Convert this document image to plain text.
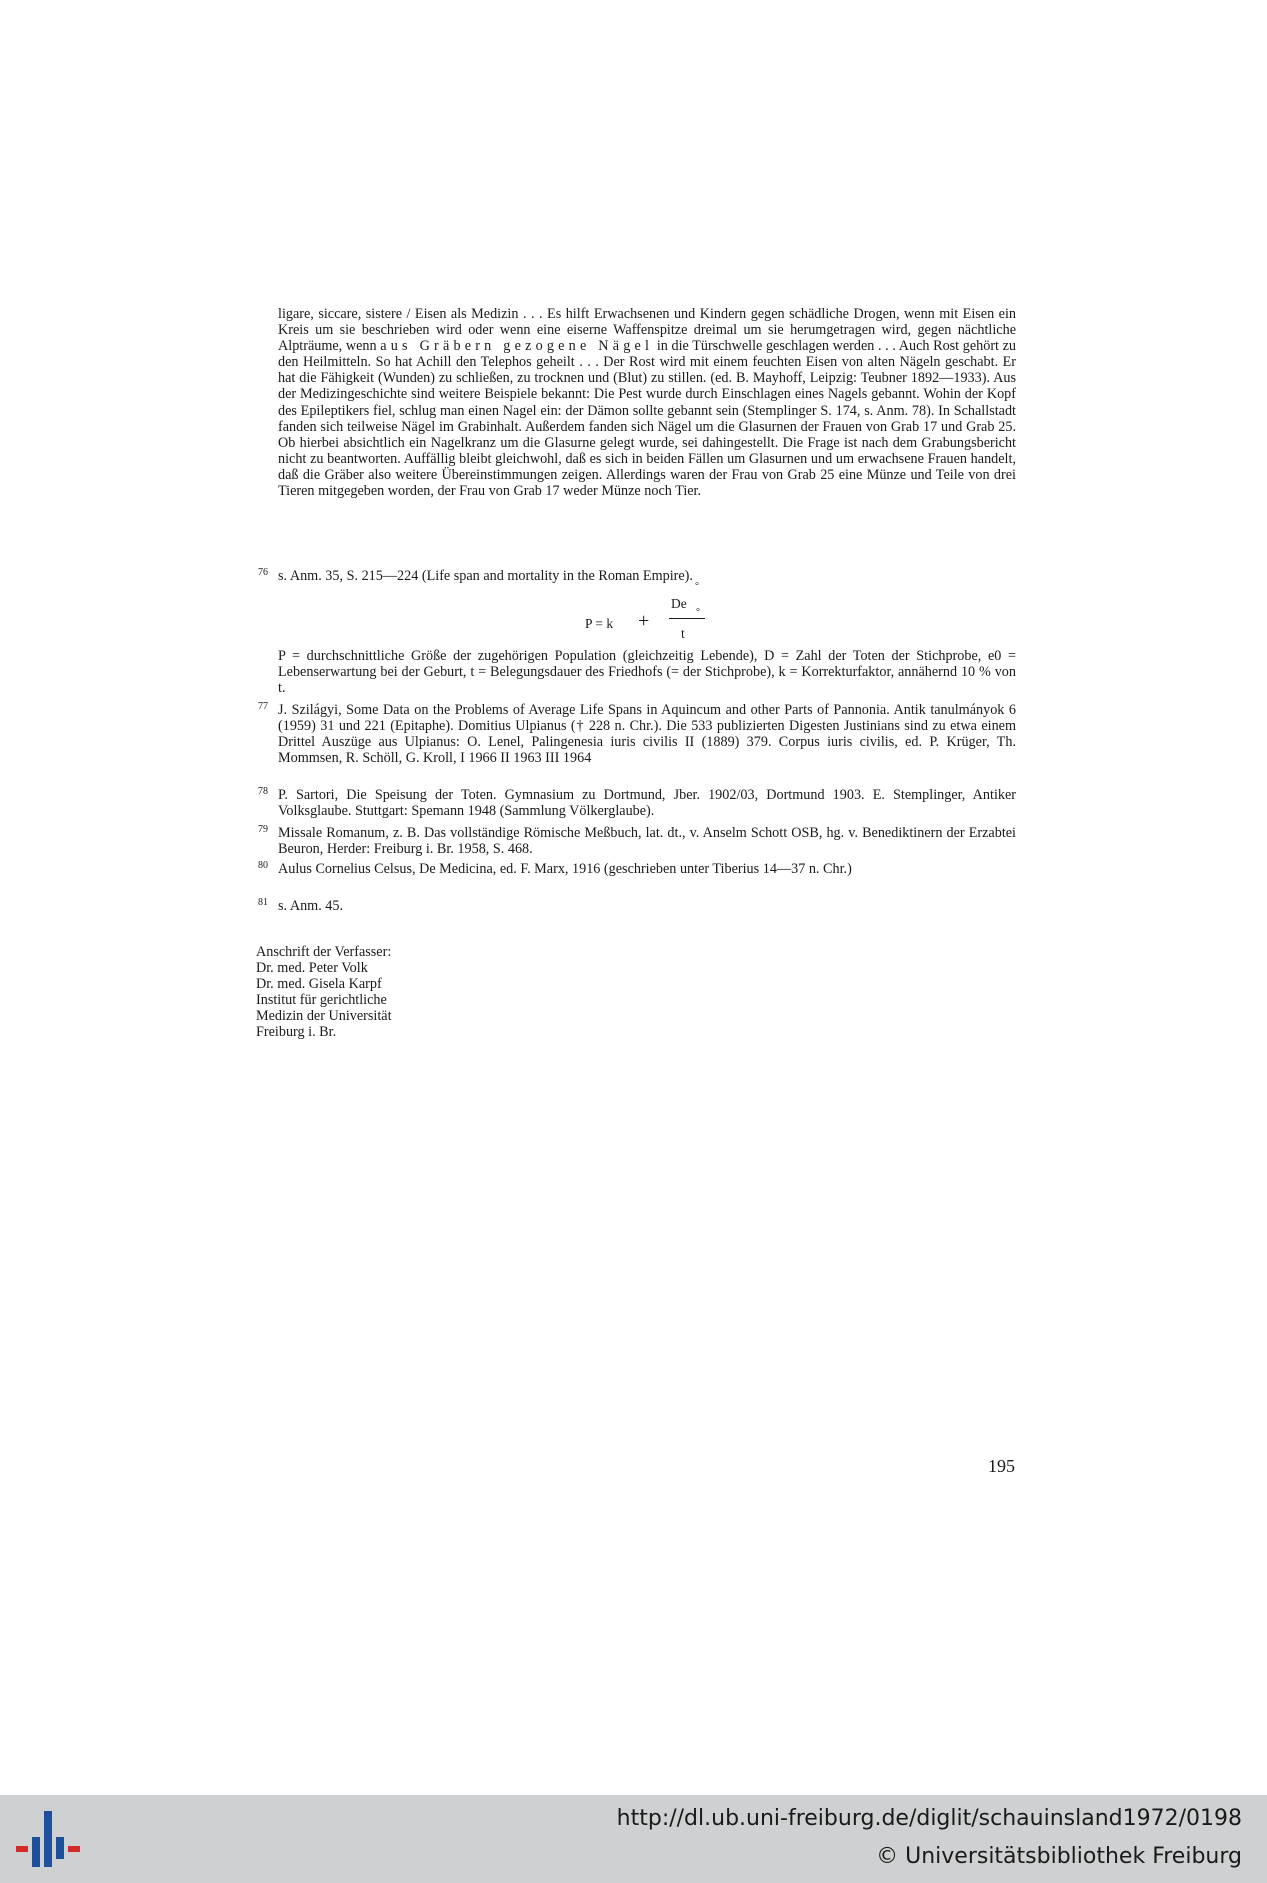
ligare, siccare, sistere / Eisen als Medizin . . . Es hilft Erwachsenen und Kindern gegen schädliche Drogen, wenn mit Eisen ein Kreis um sie beschrieben wird oder wenn eine eiserne Waffenspitze dreimal um sie herumgetragen wird, gegen nächtliche Alpträume, wenn aus Gräbern gezogene Nägel in die Türschwelle geschlagen werden . . . Auch Rost gehört zu den Heilmitteln. So hat Achill den Telephos geheilt . . . Der Rost wird mit einem feuchten Eisen von alten Nägeln geschabt. Er hat die Fähigkeit (Wunden) zu schließen, zu trocknen und (Blut) zu stillen. (ed. B. Mayhoff, Leipzig: Teubner 1892—1933). Aus der Medizingeschichte sind weitere Beispiele bekannt: Die Pest wurde durch Einschlagen eines Nagels gebannt. Wohin der Kopf des Epileptikers fiel, schlug man einen Nagel ein: der Dämon sollte gebannt sein (Stemplinger S. 174, s. Anm. 78). In Schallstadt fanden sich teilweise Nägel im Grabinhalt. Außerdem fanden sich Nägel um die Glasurnen der Frauen von Grab 17 und Grab 25. Ob hierbei absichtlich ein Nagelkranz um die Glasurne gelegt wurde, sei dahingestellt. Die Frage ist nach dem Grabungsbericht nicht zu beantworten. Auffällig bleibt gleichwohl, daß es sich in beiden Fällen um Glasurnen und um erwachsene Frauen handelt, daß die Gräber also weitere Übereinstimmungen zeigen. Allerdings waren der Frau von Grab 25 eine Münze und Teile von drei Tieren mitgegeben worden, der Frau von Grab 17 weder Münze noch Tier.
76 s. Anm. 35, S. 215—224 (Life span and mortality in the Roman Empire).
P = k +
De
°
°
t
P = durchschnittliche Größe der zugehörigen Population (gleichzeitig Lebende), D = Zahl der Toten der Stichprobe, e0 = Lebenserwartung bei der Geburt, t = Belegungsdauer des Friedhofs (= der Stichprobe), k = Korrekturfaktor, annähernd 10 % von t.
77 J. Szilágyi, Some Data on the Problems of Average Life Spans in Aquincum and other Parts of Pannonia. Antik tanulmányok 6 (1959) 31 und 221 (Epitaphe). Domitius Ulpianus († 228 n. Chr.). Die 533 publizierten Digesten Justinians sind zu etwa einem Drittel Auszüge aus Ulpianus: O. Lenel, Palingenesia iuris civilis II (1889) 379. Corpus iuris civilis, ed. P. Krüger, Th. Mommsen, R. Schöll, G. Kroll, I 1966 II 1963 III 1964
78 P. Sartori, Die Speisung der Toten. Gymnasium zu Dortmund, Jber. 1902/03, Dortmund 1903. E. Stemplinger, Antiker Volksglaube. Stuttgart: Spemann 1948 (Sammlung Völkerglaube).
79 Missale Romanum, z. B. Das vollständige Römische Meßbuch, lat. dt., v. Anselm Schott OSB, hg. v. Benediktinern der Erzabtei Beuron, Herder: Freiburg i. Br. 1958, S. 468.
80 Aulus Cornelius Celsus, De Medicina, ed. F. Marx, 1916 (geschrieben unter Tiberius 14—37 n. Chr.)
81 s. Anm. 45.
Anschrift der Verfasser:
Dr. med. Peter Volk
Dr. med. Gisela Karpf
Institut für gerichtliche
Medizin der Universität
Freiburg i. Br.
195
http://dl.ub.uni-freiburg.de/diglit/schauinsland1972/0198
© Universitätsbibliothek Freiburg
